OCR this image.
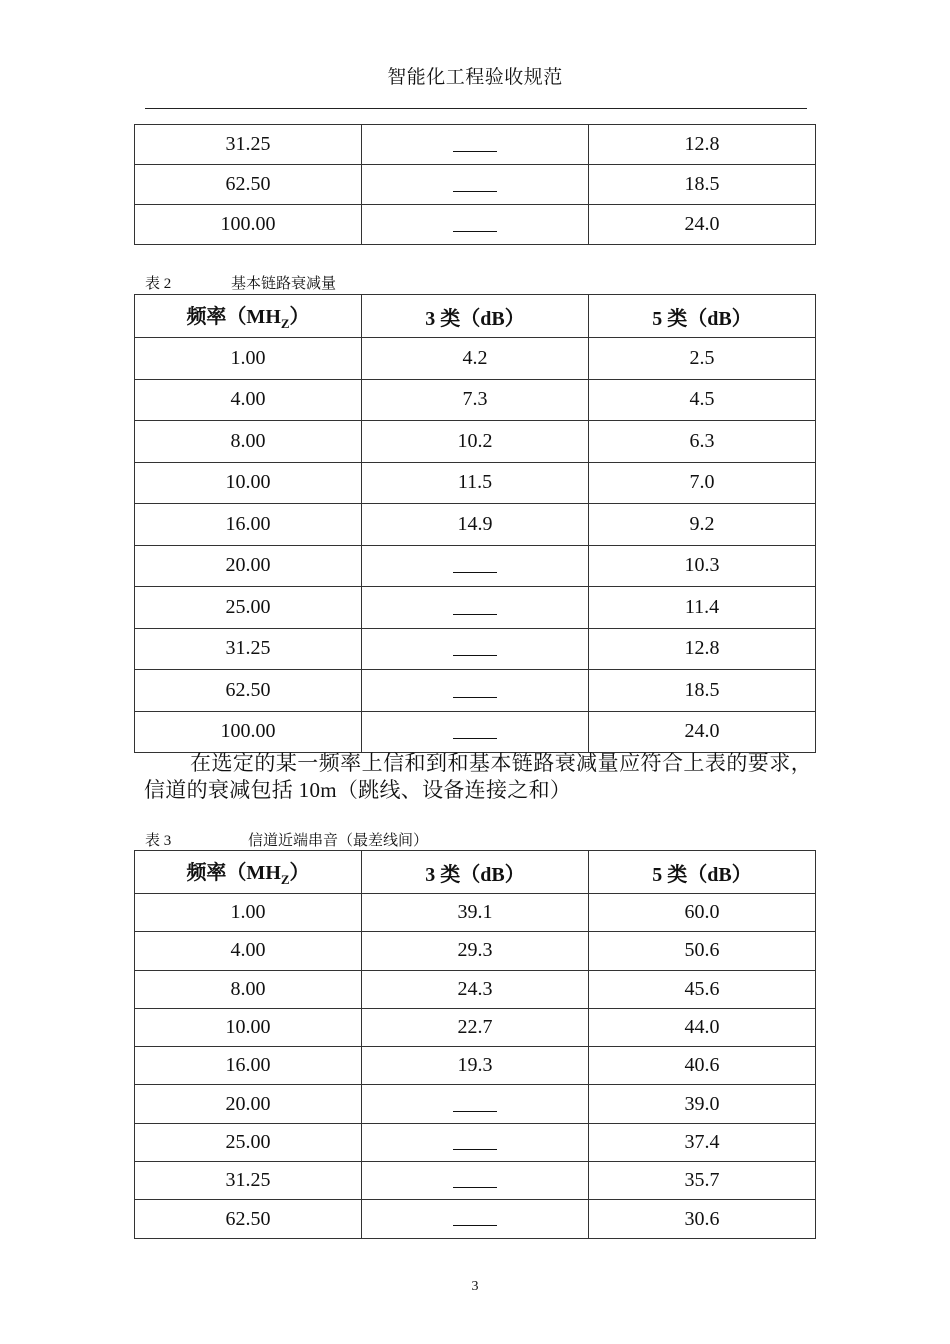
智能化工程验收规范
31.25		12.8
62.50		18.5
100.00		24.0
表 2	基本链路衰减量
频率$(MH_Z)$	3 类（dB）	5 类（dB）
1.00	4.2	2.5
4.00	7.3	4.5
8.00	10.2	6.3
10.00	11.5	7.0
16.00	14.9	9.2
20.00		10.3
25.00		11.4
31.25		12.8
62.50		18.5
100.00		24.0
在选定的某一频率上信和到和基本链路衰减量应符合上表的要求，信道的衰减包括 10m（跳线、设备连接之和）
表 3	信道近端串音（最差线间）
频率$(MH_Z)$	3 类（dB）	5 类（dB）
1.00	39.1	60.0
4.00	29.3	50.6
8.00	24.3	45.6
10.00	22.7	44.0
16.00	19.3	40.6
20.00		39.0
25.00		37.4
31.25		35.7
62.50		30.6
3
